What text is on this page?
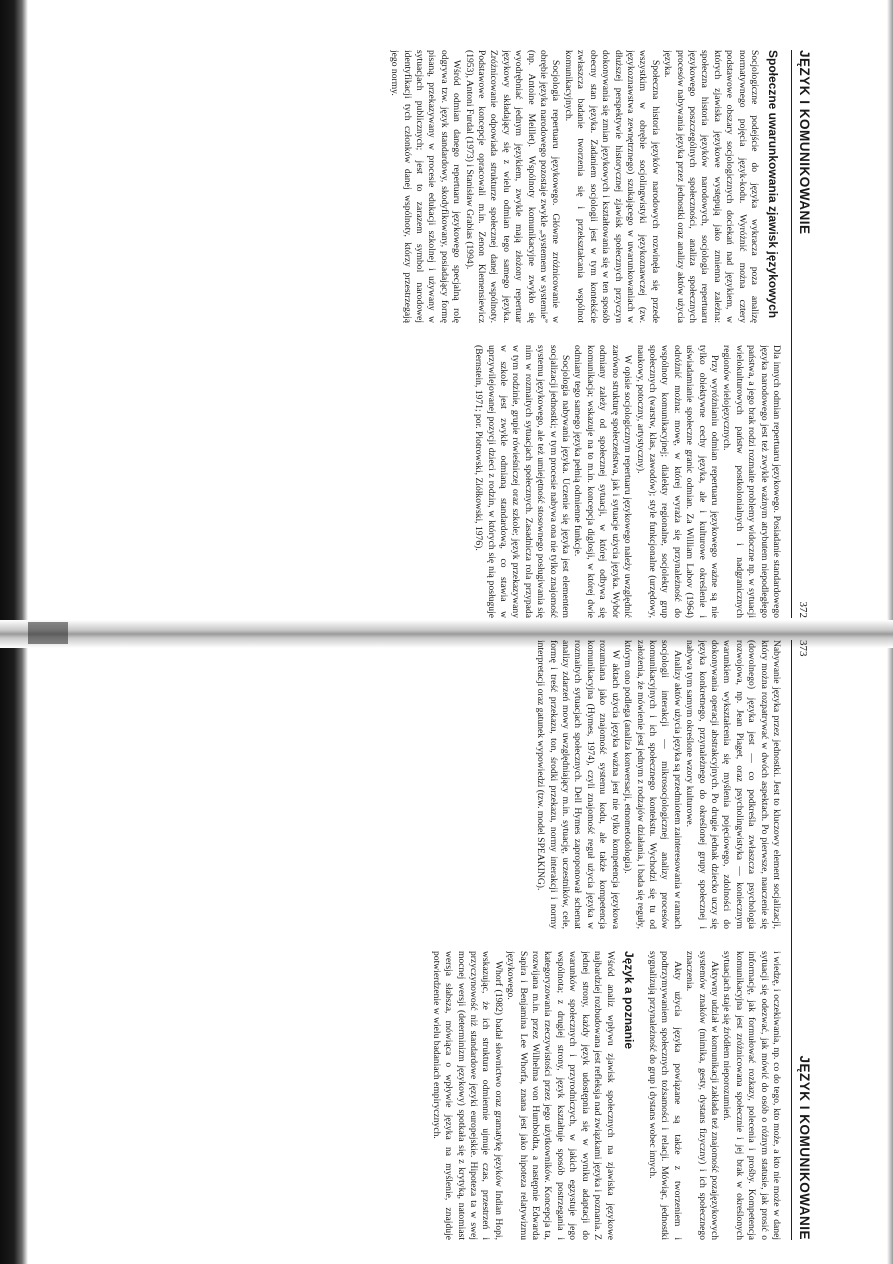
JĘZYK I KOMUNIKOWANIE
372
Społeczne uwarunkowania zjawisk językowych

Socjologiczne podejście do języka wykracza poza analizę normatywnego pojęcia język-kodu. Wyróżnić można cztery podstawowe obszary socjologicznych dociekań nad językiem, w których zjawiska językowe występują jako zmienna zależna: społeczna historia języków narodowych, socjologia repertuaru językowego poszczególnych społeczności, analiza społecznych procesów nabywania języka przez jednostki oraz analizy aktów użycia języka.

Społeczna historia języków narodowych rozwinęła się przede wszystkim w obrębie socjolingwistyki językoznawczej (zw. językoznawstwa zewnętrznego) szukającego w uwarunkowaniach w dłuższej perspektywie historycznej zjawisk społecznych przyczyn dokonywania się zmian językowych i kształtowania się w ten sposób obecny stan języka. Zadaniem socjologii jest w tym kontekście zwłaszcza badanie tworzenia się i przekształcania wspólnot komunikacyjnych.

Socjologia repertuaru językowego. Główne zróżnicowanie w obrębie języka narodowego pozostaje zwykle „systemem w systemie” (np. Antoine Meillet). Wspólnoty komunikacyjne zwykło się wyodrębniać jednym językiem, zwykle mają złożony repertuar językowy składający się z wielu odmian tego samego języka. Zróżnicowanie odpowiada strukturze społecznej danej wspólnoty. Podstawowe koncepcje opracowali m.in. Zenon Klemensiewicz (1953), Antoni Furdal (1973) i Stanisław Grabias (1994).

Wśród odmian danego repertuaru językowego specjalną rolę odgrywa tzw. język standardowy, skodyfikowany, posiadający formę pisaną, przekazywany w procesie edukacji szkolnej i używany w sytuacjach publicznych; jest to zarazem symbol narodowej identyfikacji tych członków danej wspólnoty, którzy przestrzegają jego normy.

Dla innych odmian repertuaru językowego. Posiadanie standardowego języka narodowego jest też zwykle ważnym atrybutem niepodległego państwa, a jego brak rodzi rozmaite problemy widoczne np. w sytuacji wielokulturowych państw postkolonialnych i nadgranicznych regionów wielojęzycznych.

Przy wyróżnianiu odmian repertuaru językowego ważne są nie tylko obiektywne cechy języka, ale i kulturowe określenie i uświadamianie społeczne granic odmian. Za William Labov (1964) odróżnić można: mowę, w której wyraża się przynależność do wspólnoty komunikacyjnej; dialekty regionalne, socjolekty grup społecznych (warstw, klas, zawodów); style funkcjonalne (urzędowy, naukowy, potoczny, artystyczny).

W opisie socjologicznym repertuaru językowego należy uwzględnić zarówno strukturę społeczeństwa, jak i sytuacje użycia języka. Wybór odmiany zależy od społecznej sytuacji, w której odbywa się komunikacja; wskazuje na to m.in. koncepcja diglosji, w której dwie odmiany tego samego języka pełnią odmienne funkcje.

Socjologia nabywania języka. Uczenie się języka jest elementem socjalizacji jednostki; w tym procesie nabywa ona nie tylko znajomość systemu językowego, ale też umiejętność stosownego posługiwania się nim w rozmaitych sytuacjach społecznych. Zasadnicza rola przypada w tym rodzinie, grupie rówieśniczej oraz szkole; język przekazywany w szkole jest zwykle odmianą standardową, co stawia w uprzywilejowanej pozycji dzieci z rodzin, w których się nią posługuje (Bernstein, 1971; por. Piotrowski, Ziółkowski, 1976).

373
JĘZYK I KOMUNIKOWANIE

Nabywanie języka przez jednostki. Jest to kluczowy element socjalizacji, który można rozpatrywać w dwóch aspektach. Po pierwsze, nauczenie się (dowolnego) języka jest — co podkreśla zwłaszcza psychologia rozwojowa, np. Jean Piaget, oraz psycholingwistyka — koniecznym warunkiem wykształcenia się myślenia pojęciowego, zdolności do dokonywania operacji abstrakcyjnych. Po drugie jednak dziecko uczy się języka konkretnego, przynależnego do określonej grupy społecznej i nabywa tym samym określone wzory kulturowe.

Analizy aktów użycia języka są przedmiotem zainteresowania w ramach socjologii interakcji — mikrosocjologicznej analizy procesów komunikacyjnych i ich społecznego kontekstu. Wychodzi się tu od założenia, że mówienie jest jednym z rodzajów działania, i bada się reguły, którym ono podlega (analiza konwersacji, etnometodologia).

W aktach użycia języka ważna jest nie tylko kompetencja językowa rozumiana jako znajomość systemu kodu, ale także kompetencja komunikacyjna (Hymes, 1974), czyli znajomość reguł użycia języka w rozmaitych sytuacjach społecznych. Dell Hymes zaproponował schemat analizy zdarzeń mowy uwzględniający m.in. sytuację, uczestników, cele, formę i treść przekazu, ton, środki przekazu, normy interakcji i normy interpretacji oraz gatunek wypowiedzi (tzw. model SPEAKING).

i wiedzę, i oczekiwania, np. co do tego, kto może, a kto nie może w danej sytuacji się odezwać, jak mówić do osób o różnym statusie, jak prosić o informację, jak formułować rozkazy, polecenia i prośby. Kompetencja komunikacyjna jest zróżnicowana społecznie i jej brak w określonych sytuacjach staje się źródłem nieporozumień.

Aktywny udział w komunikacji zakłada też znajomość pozajęzykowych systemów znaków (mimika, gesty, dystans fizyczny) i ich społecznego znaczenia.

Akty użycia języka powiązane są także z tworzeniem i podtrzymywaniem społecznych tożsamości i relacji. Mówiąc, jednostki sygnalizują przynależność do grup i dystans wobec innych.

Język a poznanie

Wśród analiz wpływu zjawisk społecznych na zjawiska językowe najbardziej rozbudowana jest refleksja nad związkami języka i poznania. Z jednej strony, każdy język udostępnia się w wyniku adaptacji do warunków społecznych i przyrodniczych, w jakich egzystuje jego wspólnota; z drugiej strony, język kształtuje sposób postrzegania i kategoryzowania rzeczywistości przez jego użytkowników. Koncepcja ta, rozwijana m.in. przez Wilhelma von Humboldta, a następnie Edwarda Sapira i Benjamina Lee Whorfa, znana jest jako hipoteza relatywizmu językowego.

Whorf (1982) badał słownictwo oraz gramatykę języków Indian Hopi, wskazując, że ich struktura odmiennie ujmuje czas, przestrzeń i przyczynowość niż standardowe języki europejskie. Hipoteza ta w swej mocnej wersji (determinizm językowy) spotkała się z krytyką, natomiast wersja słabsza, mówiąca o wpływie języka na myślenie, znajduje potwierdzenie w wielu badaniach empirycznych.
